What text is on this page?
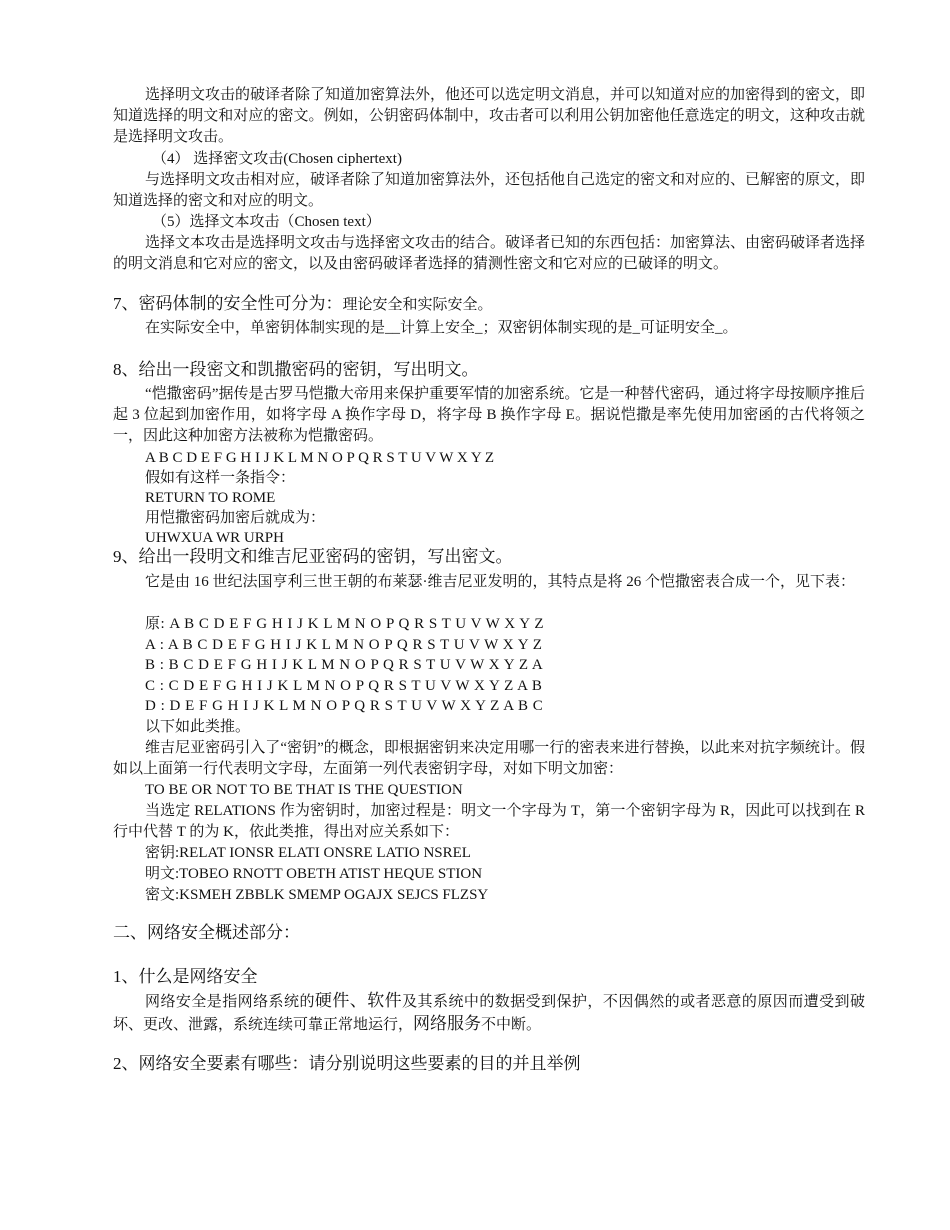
选择明文攻击的破译者除了知道加密算法外，他还可以选定明文消息，并可以知道对应的加密得到的密文，即知道选择的明文和对应的密文。例如，公钥密码体制中，攻击者可以利用公钥加密他任意选定的明文，这种攻击就是选择明文攻击。

（4） 选择密文攻击(Chosen ciphertext)

与选择明文攻击相对应，破译者除了知道加密算法外，还包括他自己选定的密文和对应的、已解密的原文，即知道选择的密文和对应的明文。

（5）选择文本攻击（Chosen text）

选择文本攻击是选择明文攻击与选择密文攻击的结合。破译者已知的东西包括：加密算法、由密码破译者选择的明文消息和它对应的密文，以及由密码破译者选择的猜测性密文和它对应的已破译的明文。

7、密码体制的安全性可分为：理论安全和实际安全。

在实际安全中，单密钥体制实现的是__计算上安全_；双密钥体制实现的是_可证明安全_。

8、给出一段密文和凯撒密码的密钥，写出明文。

“恺撒密码”据传是古罗马恺撒大帝用来保护重要军情的加密系统。它是一种替代密码，通过将字母按顺序推后起 3 位起到加密作用，如将字母 A 换作字母 D，将字母 B 换作字母 E。据说恺撒是率先使用加密函的古代将领之一，因此这种加密方法被称为恺撒密码。

A B C D E F G H I J K L M N O P Q R S T U V W X Y Z

假如有这样一条指令：

RETURN TO ROME

用恺撒密码加密后就成为：

UHWXUA WR URPH

9、给出一段明文和维吉尼亚密码的密钥，写出密文。

它是由 16 世纪法国亨利三世王朝的布莱瑟·维吉尼亚发明的，其特点是将 26 个恺撒密表合成一个，见下表：

原: A B C D E F G H I J K L M N O P Q R S T U V W X Y Z

A : A B C D E F G H I J K L M N O P Q R S T U V W X Y Z

B : B C D E F G H I J K L M N O P Q R S T U V W X Y Z A

C : C D E F G H I J K L M N O P Q R S T U V W X Y Z A B

D : D E F G H I J K L M N O P Q R S T U V W X Y Z A B C

以下如此类推。

维吉尼亚密码引入了“密钥”的概念，即根据密钥来决定用哪一行的密表来进行替换，以此来对抗字频统计。假如以上面第一行代表明文字母，左面第一列代表密钥字母，对如下明文加密：

TO BE OR NOT TO BE THAT IS THE QUESTION

当选定 RELATIONS 作为密钥时，加密过程是：明文一个字母为 T，第一个密钥字母为 R，因此可以找到在 R 行中代替 T 的为 K，依此类推，得出对应关系如下：

密钥:RELAT IONSR ELATI ONSRE LATIO NSREL

明文:TOBEO RNOTT OBETH ATIST HEQUE STION

密文:KSMEH ZBBLK SMEMP OGAJX SEJCS FLZSY

二、网络安全概述部分：

1、什么是网络安全

网络安全是指网络系统的硬件、软件及其系统中的数据受到保护，不因偶然的或者恶意的原因而遭受到破坏、更改、泄露，系统连续可靠正常地运行，网络服务不中断。

2、网络安全要素有哪些：请分别说明这些要素的目的并且举例
